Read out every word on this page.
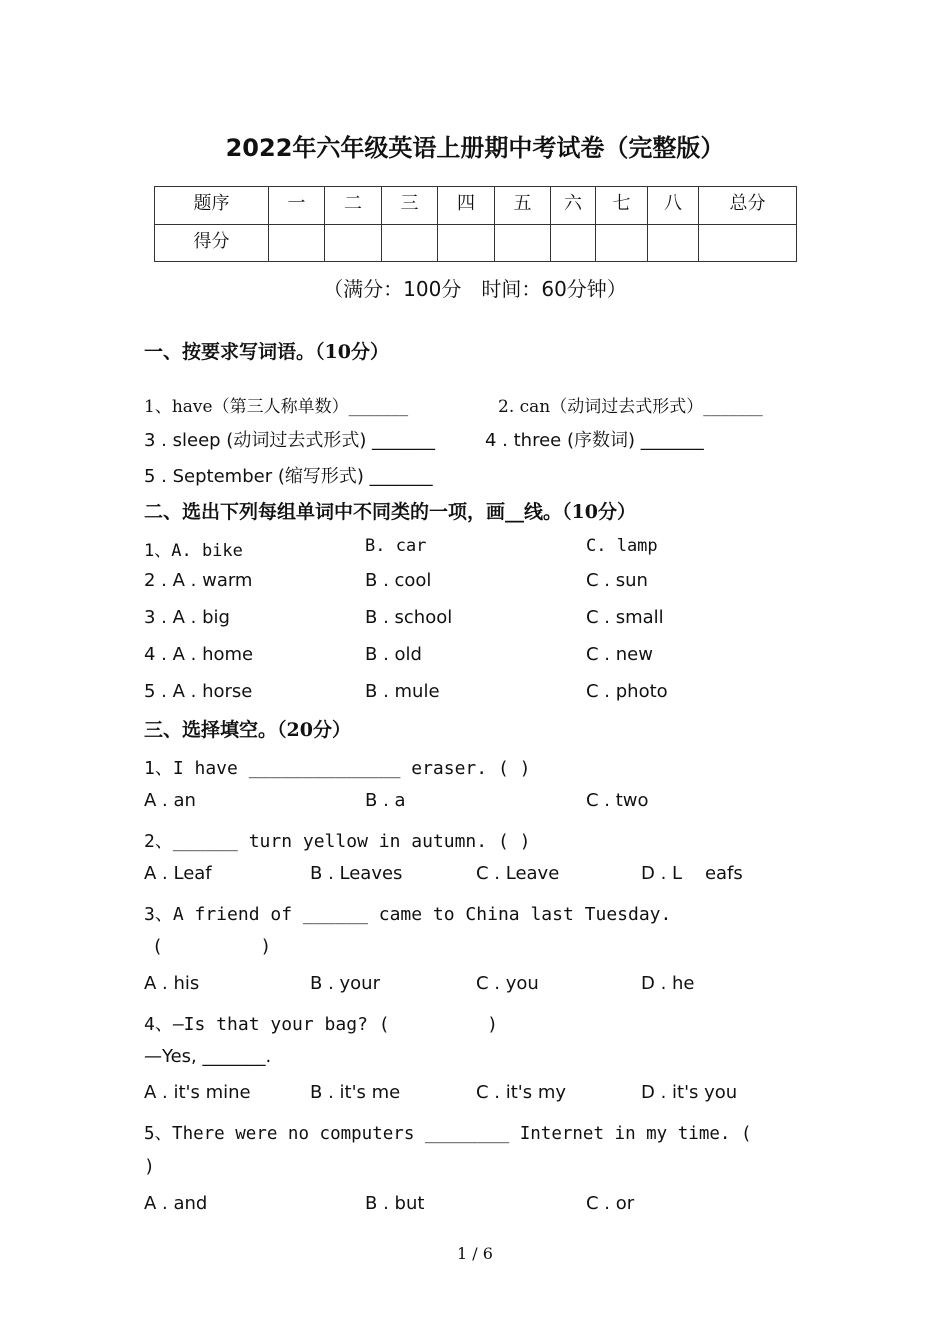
2022年六年级英语上册期中考试卷（完整版）
题序	一	二	三	四	五	六	七	八	总分
得分									
（满分：100分　时间：60分钟）
一、按要求写词语。（10分）
1、have（第三人称单数）_______	2. can（动词过去式形式）_______
3 . sleep (动词过去式形式) _______	4 . three (序数词) _______
5 . September (缩写形式) _______
二、选出下列每组单词中不同类的一项，画__线。（10分）
1、A. bike	B. car	C. lamp
2 . A . warm	B . cool	C . sun
3 . A . big	B . school	C . small
4 . A . home	B . old	C . new
5 . A . horse	B . mule	C . photo
三、选择填空。（20分）
1、I have ______________ eraser. ( )
A . an	B . a	C . two
2、______ turn yellow in autumn. ( )
A . Leaf	B . Leaves	C . Leave	D . L    eafs
3、A friend of ______ came to China last Tuesday.
(         )
A . his	B . your	C . you	D . he
4、—Is that your bag? (         )
—Yes, _______.
A . it's mine	B . it's me	C . it's my	D . it's you
5、There were no computers ________ Internet in my time. (
)
A . and	B . but	C . or
1 / 6
